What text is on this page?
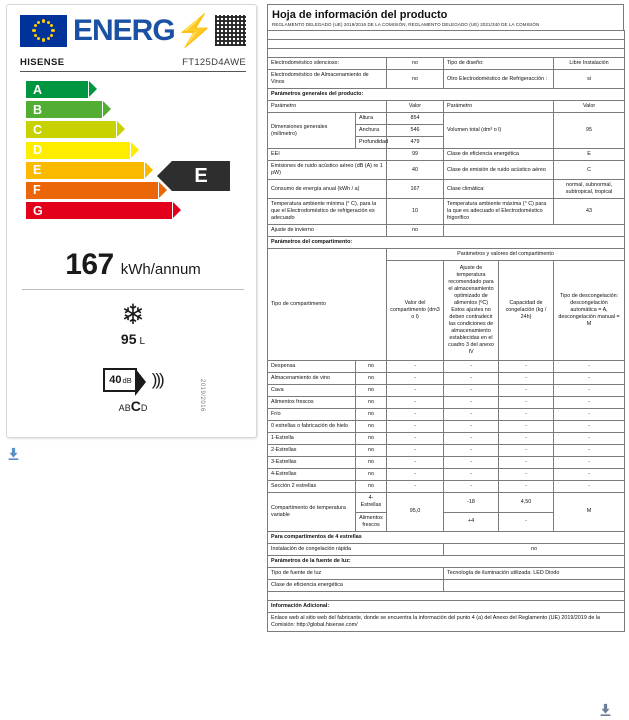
ENERG ⚡
HISENSE	FT125D4AWE
A
B
C
D
E
F
G
E
167 kWh/annum
❄
95 L
40 dB )))
ABCD	2019/2016
Hoja de información del producto
REGLAMENTO DELEGADO (UE) 2019/2016 DE LA COMISIÓN, REGLAMENTO DELEGADO (UE) 2021/340 DE LA COMISIÓN

Electrodoméstico silencioso:		no	Tipo de diseño:		Libre Instalación
Electrodoméstico de Almacenamiento de Vinos		no	Otro Electrodoméstico de Refrigeracción :		si
Parámetros generales del producto:					
Parámetro		Valor	Parámetro		Valor
Dimensiones generales (milímetro)	Altura	854	Volumen total (dm³ o l)		95
	Anchura	546			
	Profundidad	479			
EEI		99	Clase de eficiencia energética		E
Emisiones de ruido acústico aéreo (dB (A) re 1 pW)		40	Clase de emisión de ruido acústico aéreo		C
Consumo de energía anual (kWh / a)		167	Clase climática:		normal, subnormal, subtropical, tropical
Temperatura ambiente mínima (° C), para la que el Electrodoméstico de refrigeración es adecuado		10	Temperatura ambiente máxima (° C) para la que es adecuado el Electrodoméstico frigorífico		43
Ajuste de invierno		no			
Parámetros del compartimento:					
Tipo de compartimento		Parámetros y valores del compartimento			
		Valor del compartimento (dm3 o l)	Ajuste de temperatura recomendado para el almacenamiento optimizado de alimentos (ºC) Estos ajustes no deben contradecir las condiciones de almacenamiento establecidas en el cuadro 3 del anexo IV	Capacidad de congelación (kg / 24h)	Tipo de descongelación: descongelación automática = A, descongelación manual = M
Despensa	no	-	-	-	-
Almacenamiento de vino	no	-	-	-	-
Cava	no	-	-	-	-
Alimentos frescos	no	-	-	-	-
Frío	no	-	-	-	-
0 estrellas o fabricación de hielo	no	-	-	-	-
1-Estrella	no	-	-	-	-
2-Estrellas	no	-	-	-	-
3-Estrellas	no	-	-	-	-
4-Estrellas	no	-	-	-	-
Sección 2 estrellas	no	-	-	-	-
Compartimento de temperatura variable	4-Estrellas	95,0	-18	4,50	M
	Alimentos frescos		+4	-	
Para compartimentos de 4 estrellas					
Instalación de congelación rápida			no		
Parámetros de la fuente de luz:					
Tipo de fuente de luz			Tecnología de iluminación utilizada: LED Diodo		
Clase de eficiencia energética					

Información Adicional:					
Enlace web al sitio web del fabricante, donde se encuentra la información del punto 4 (a) del Anexo del Reglamento (UE) 2019/2019 de la Comisión: http://global.hisense.com/					
